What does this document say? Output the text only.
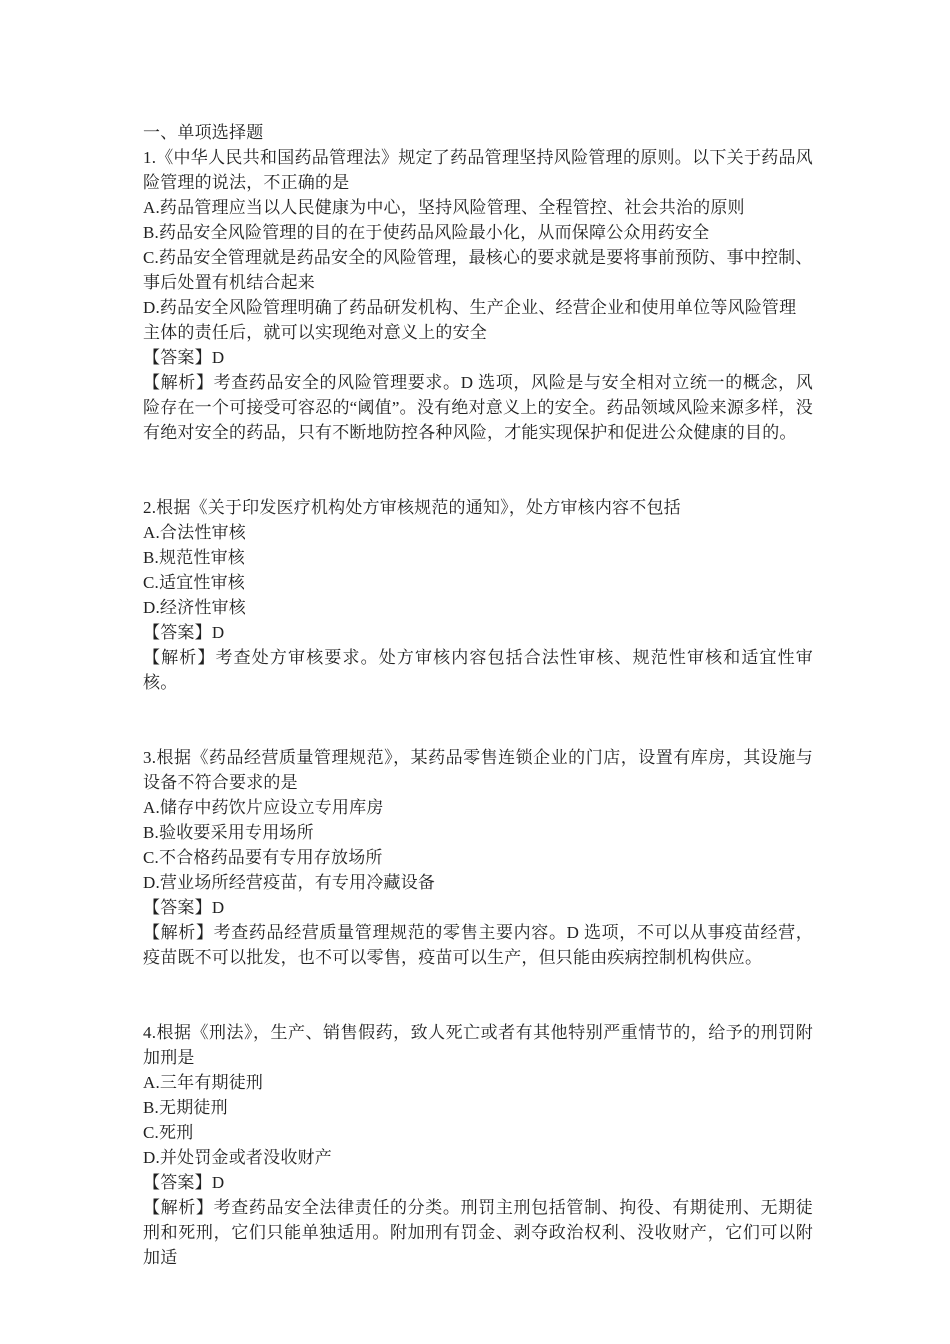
一、单项选择题

1.《中华人民共和国药品管理法》规定了药品管理坚持风险管理的原则。以下关于药品风险管理的说法，不正确的是

A.药品管理应当以人民健康为中心，坚持风险管理、全程管控、社会共治的原则

B.药品安全风险管理的目的在于使药品风险最小化，从而保障公众用药安全

C.药品安全管理就是药品安全的风险管理，最核心的要求就是要将事前预防、事中控制、事后处置有机结合起来

D.药品安全风险管理明确了药品研发机构、生产企业、经营企业和使用单位等风险管理主体的责任后，就可以实现绝对意义上的安全

【答案】D

【解析】考查药品安全的风险管理要求。D 选项，风险是与安全相对立统一的概念，风险存在一个可接受可容忍的“阈值”。没有绝对意义上的安全。药品领域风险来源多样，没有绝对安全的药品，只有不断地防控各种风险，才能实现保护和促进公众健康的目的。

2.根据《关于印发医疗机构处方审核规范的通知》，处方审核内容不包括

A.合法性审核

B.规范性审核

C.适宜性审核

D.经济性审核

【答案】D

【解析】考查处方审核要求。处方审核内容包括合法性审核、规范性审核和适宜性审核。

3.根据《药品经营质量管理规范》，某药品零售连锁企业的门店，设置有库房，其设施与设备不符合要求的是

A.储存中药饮片应设立专用库房

B.验收要采用专用场所

C.不合格药品要有专用存放场所

D.营业场所经营疫苗，有专用冷藏设备

【答案】D

【解析】考查药品经营质量管理规范的零售主要内容。D 选项，不可以从事疫苗经营，疫苗既不可以批发，也不可以零售，疫苗可以生产，但只能由疾病控制机构供应。

4.根据《刑法》，生产、销售假药，致人死亡或者有其他特别严重情节的，给予的刑罚附加刑是

A.三年有期徒刑

B.无期徒刑

C.死刑

D.并处罚金或者没收财产

【答案】D

【解析】考查药品安全法律责任的分类。刑罚主刑包括管制、拘役、有期徒刑、无期徒刑和死刑，它们只能单独适用。附加刑有罚金、剥夺政治权利、没收财产，它们可以附加适
